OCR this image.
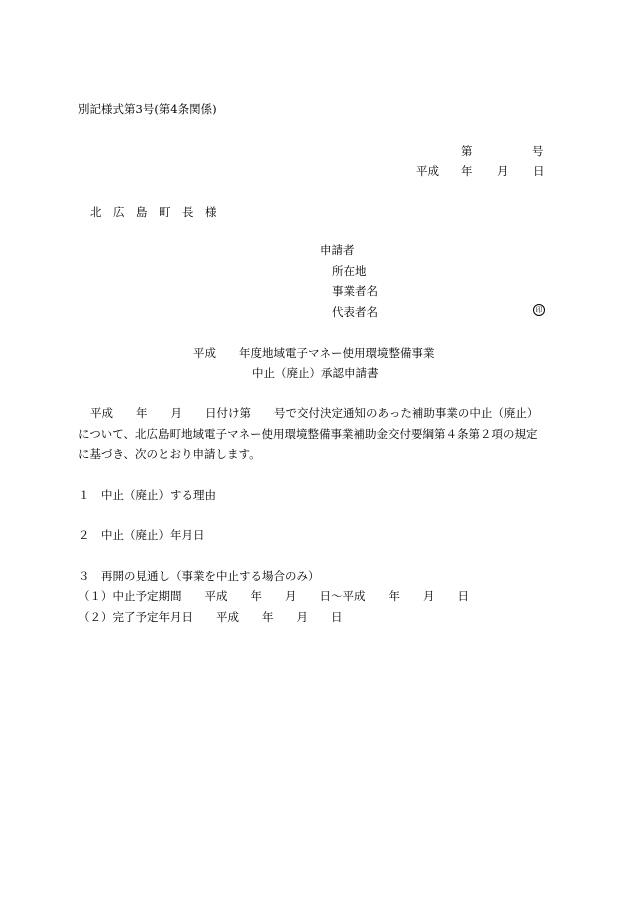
別記様式第3号(第4条関係)
第	号
平成 年 月 日
北　広　島　町　長　様
申請者
所在地
事業者名
代表者名	印
平成　　年度地域電子マネー使用環境整備事業
中止（廃止）承認申請書
平成　　年　　月　　日付け第　　号で交付決定通知のあった補助事業の中止（廃止）
について、北広島町地域電子マネー使用環境整備事業補助金交付要綱第４条第２項の規定
に基づき、次のとおり申請します。
１　中止（廃止）する理由
２　中止（廃止）年月日
３　再開の見通し（事業を中止する場合のみ）
（１）中止予定期間　　平成　　年　　月　　日～平成　　年　　月　　日
（２）完了予定年月日　　平成　　年　　月　　日
